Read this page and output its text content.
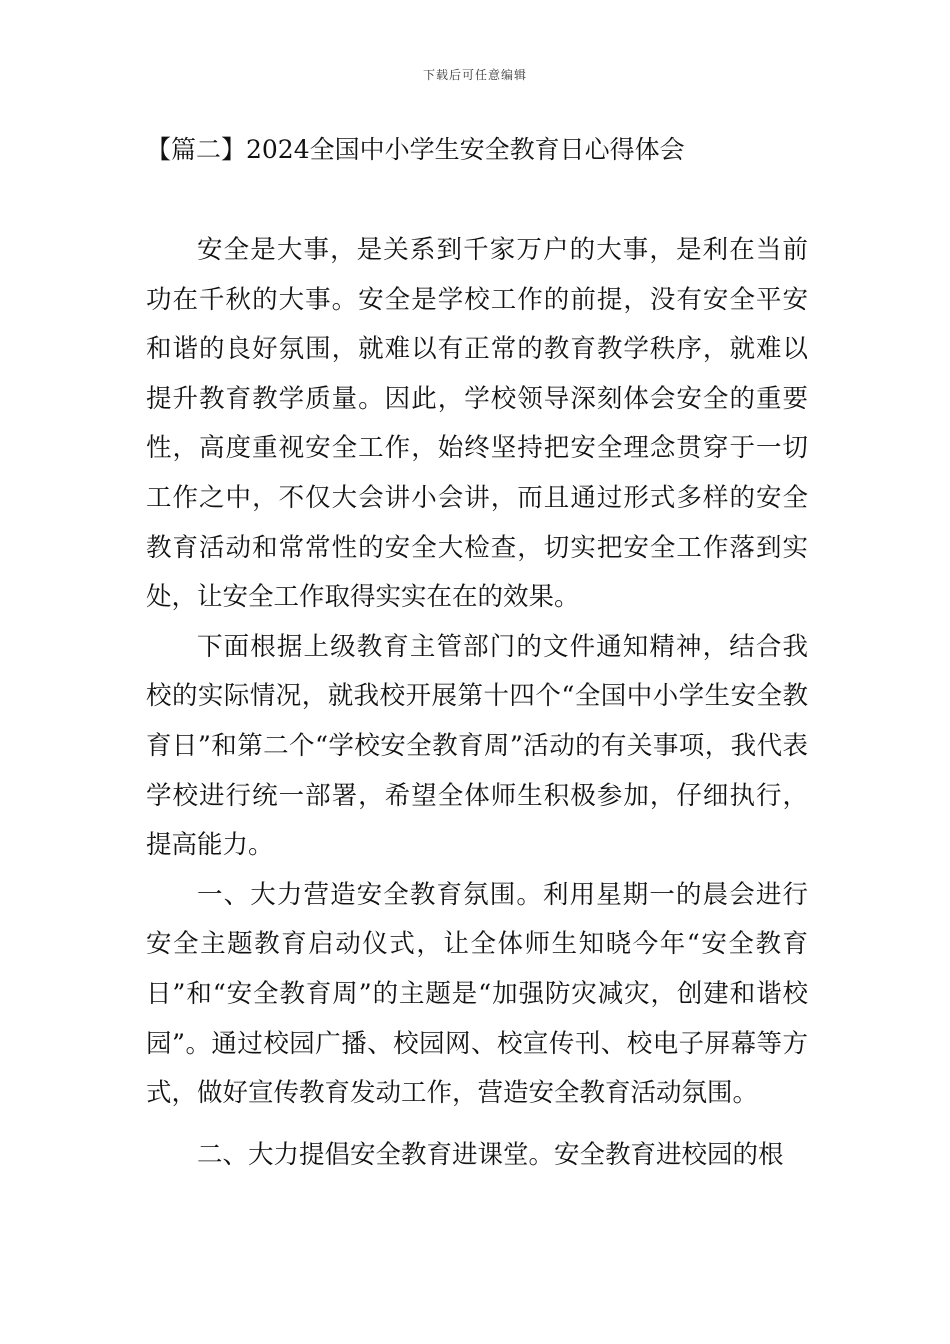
下载后可任意编辑
【篇二】2024全国中小学生安全教育日心得体会

安全是大事，是关系到千家万户的大事，是利在当前功在千秋的大事。安全是学校工作的前提，没有安全平安和谐的良好氛围，就难以有正常的教育教学秩序，就难以提升教育教学质量。因此，学校领导深刻体会安全的重要性，高度重视安全工作，始终坚持把安全理念贯穿于一切工作之中，不仅大会讲小会讲，而且通过形式多样的安全教育活动和常常性的安全大检查，切实把安全工作落到实处，让安全工作取得实实在在的效果。

下面根据上级教育主管部门的文件通知精神，结合我校的实际情况，就我校开展第十四个“全国中小学生安全教育日”和第二个“学校安全教育周”活动的有关事项，我代表学校进行统一部署，希望全体师生积极参加，仔细执行，提高能力。

一、大力营造安全教育氛围。利用星期一的晨会进行安全主题教育启动仪式，让全体师生知晓今年“安全教育日”和“安全教育周”的主题是“加强防灾减灾，创建和谐校园”。通过校园广播、校园网、校宣传刊、校电子屏幕等方式，做好宣传教育发动工作，营造安全教育活动氛围。

二、大力提倡安全教育进课堂。安全教育进校园的根
